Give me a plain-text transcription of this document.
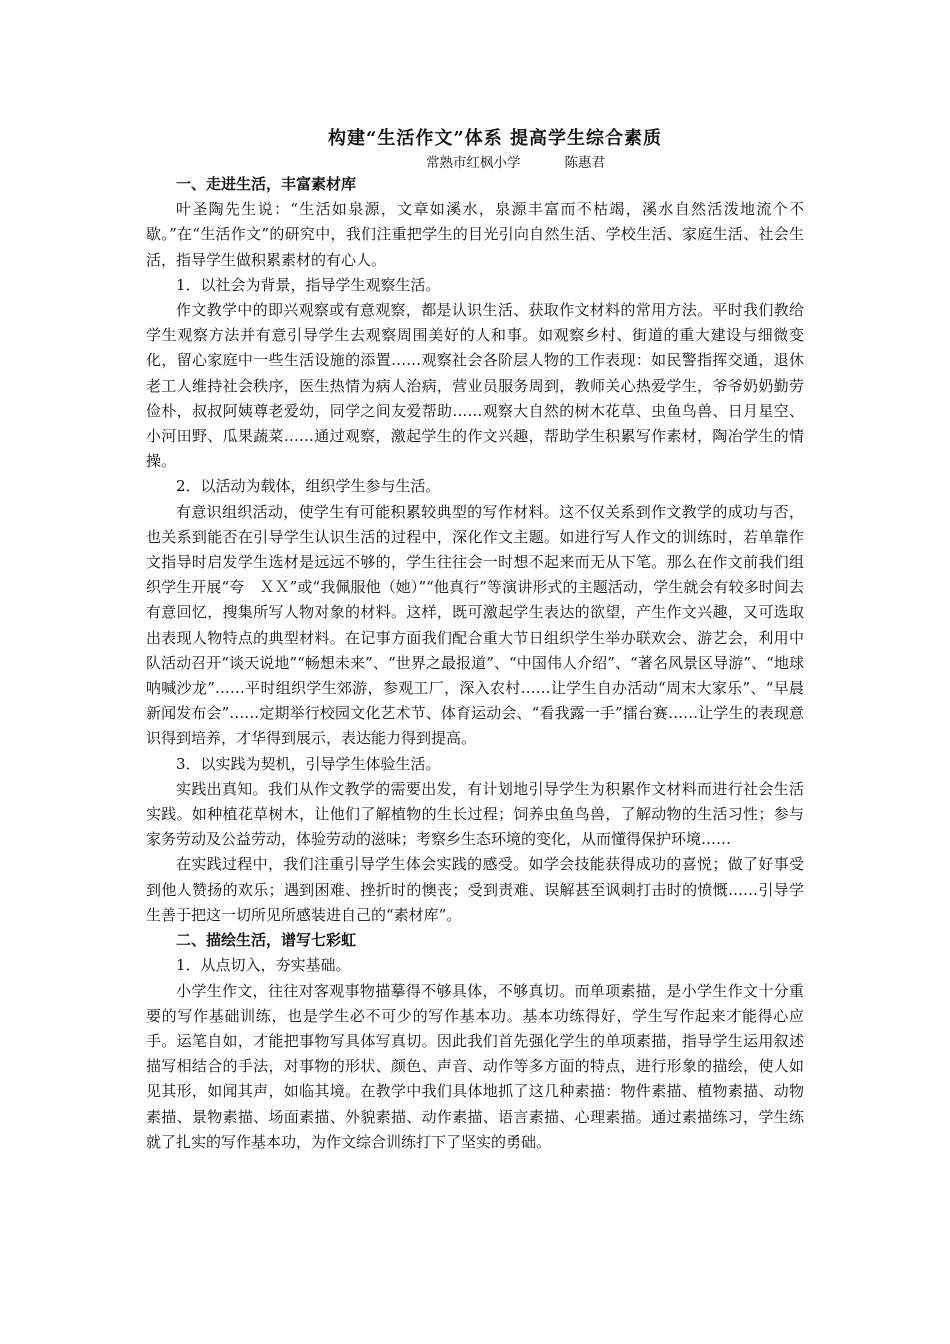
构建“生活作文”体系 提高学生综合素质
常熟市红枫小学	陈惠君

一、走进生活，丰富素材库

叶圣陶先生说：“生活如泉源，文章如溪水，泉源丰富而不枯竭，溪水自然活泼地流个不歇。”在“生活作文”的研究中，我们注重把学生的目光引向自然生活、学校生活、家庭生活、社会生活，指导学生做积累素材的有心人。

1．以社会为背景，指导学生观察生活。

作文教学中的即兴观察或有意观察，都是认识生活、获取作文材料的常用方法。平时我们教给学生观察方法并有意引导学生去观察周围美好的人和事。如观察乡村、街道的重大建设与细微变化，留心家庭中一些生活设施的添置……观察社会各阶层人物的工作表现：如民警指挥交通，退休老工人维持社会秩序，医生热情为病人治病，营业员服务周到，教师关心热爱学生，爷爷奶奶勤劳俭朴，叔叔阿姨尊老爱幼，同学之间友爱帮助……观察大自然的树木花草、虫鱼鸟兽、日月星空、小河田野、瓜果蔬菜……通过观察，激起学生的作文兴趣，帮助学生积累写作素材，陶冶学生的情操。

2．以活动为载体，组织学生参与生活。

有意识组织活动，使学生有可能积累较典型的写作材料。这不仅关系到作文教学的成功与否，也关系到能否在引导学生认识生活的过程中，深化作文主题。如进行写人作文的训练时，若单靠作文指导时启发学生选材是远远不够的，学生往往会一时想不起来而无从下笔。那么在作文前我们组织学生开展“夸　ＸＸ”或“我佩服他（她）”“他真行”等演讲形式的主题活动，学生就会有较多时间去有意回忆，搜集所写人物对象的材料。这样，既可激起学生表达的欲望，产生作文兴趣，又可选取出表现人物特点的典型材料。在记事方面我们配合重大节日组织学生举办联欢会、游艺会，利用中队活动召开“谈天说地”“畅想未来”、“世界之最报道”、“中国伟人介绍”、“著名风景区导游”、“地球呐喊沙龙”……平时组织学生郊游，参观工厂，深入农村……让学生自办活动“周末大家乐”、“早晨新闻发布会”……定期举行校园文化艺术节、体育运动会、“看我露一手”擂台赛……让学生的表现意识得到培养，才华得到展示，表达能力得到提高。

3．以实践为契机，引导学生体验生活。

实践出真知。我们从作文教学的需要出发，有计划地引导学生为积累作文材料而进行社会生活实践。如种植花草树木，让他们了解植物的生长过程；饲养虫鱼鸟兽，了解动物的生活习性；参与家务劳动及公益劳动，体验劳动的滋味；考察乡生态环境的变化，从而懂得保护环境……

在实践过程中，我们注重引导学生体会实践的感受。如学会技能获得成功的喜悦；做了好事受到他人赞扬的欢乐；遇到困难、挫折时的懊丧；受到责难、误解甚至讽刺打击时的愤慨……引导学生善于把这一切所见所感装进自己的“素材库”。

二、描绘生活，谱写七彩虹

1．从点切入，夯实基础。

小学生作文，往往对客观事物描摹得不够具体，不够真切。而单项素描，是小学生作文十分重要的写作基础训练，也是学生必不可少的写作基本功。基本功练得好，学生写作起来才能得心应手。运笔自如，才能把事物写具体写真切。因此我们首先强化学生的单项素描，指导学生运用叙述描写相结合的手法，对事物的形状、颜色、声音、动作等多方面的特点，进行形象的描绘，使人如见其形，如闻其声，如临其境。在教学中我们具体地抓了这几种素描：物件素描、植物素描、动物素描、景物素描、场面素描、外貌素描、动作素描、语言素描、心理素描。通过素描练习，学生练就了扎实的写作基本功，为作文综合训练打下了坚实的勇础。
